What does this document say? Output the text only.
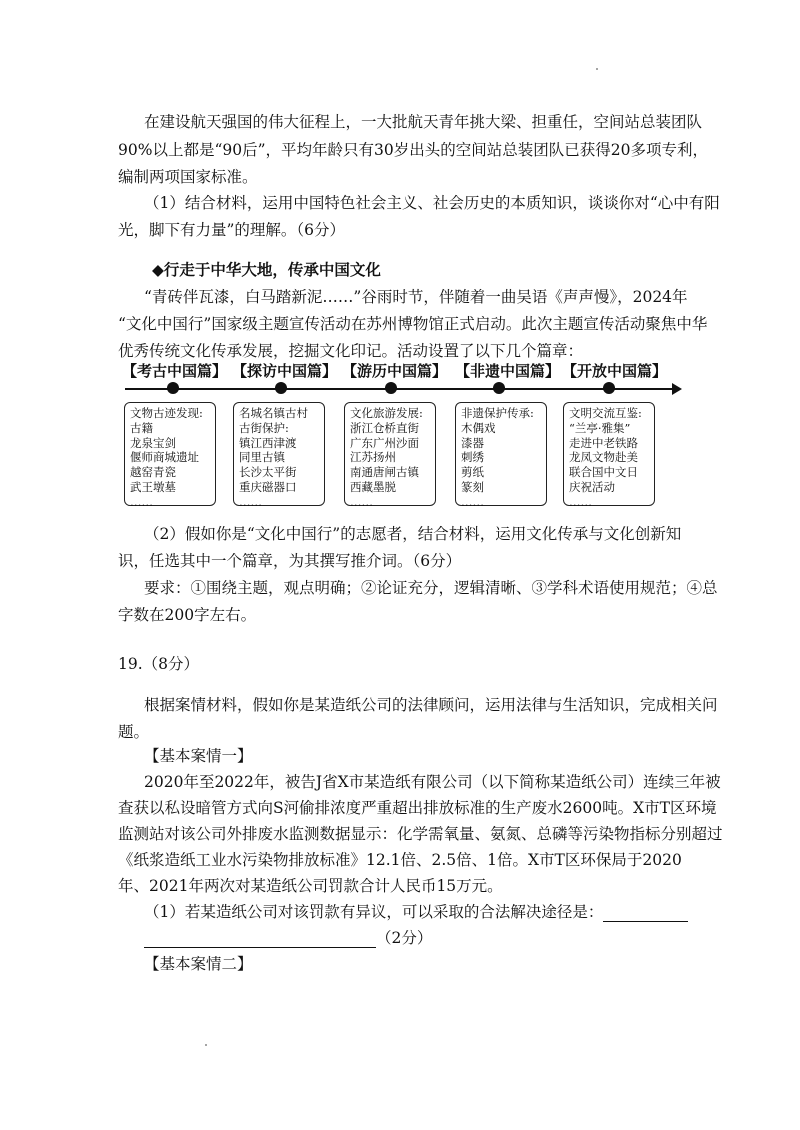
在建设航天强国的伟大征程上，一大批航天青年挑大梁、担重任，空间站总装团队
90%以上都是“90后”，平均年龄只有30岁出头的空间站总装团队已获得20多项专利，
编制两项国家标准。
（1）结合材料，运用中国特色社会主义、社会历史的本质知识，谈谈你对“心中有阳
光，脚下有力量”的理解。（6分）
◆行走于中华大地，传承中国文化
“青砖伴瓦漆，白马踏新泥……”谷雨时节，伴随着一曲吴语《声声慢》，2024年
“文化中国行”国家级主题宣传活动在苏州博物馆正式启动。此次主题宣传活动聚焦中华
优秀传统文化传承发展，挖掘文化印记。活动设置了以下几个篇章：
【考古中国篇】
文物古迹发现:
古籍
龙泉宝剑
偃师商城遗址
越窑青瓷
武王墩墓
……
【探访中国篇】
名城名镇古村
古街保护:
镇江西津渡
同里古镇
长沙太平街
重庆磁器口
……
【游历中国篇】
文化旅游发展:
浙江仓桥直街
广东广州沙面
江苏扬州
南通唐闸古镇
西藏墨脱
……
【非遗中国篇】
非遗保护传承:
木偶戏
漆器
刺绣
剪纸
篆刻
……
【开放中国篇】
文明交流互鉴:
“兰亭·雅集”
走进中老铁路
龙凤文物赴美
联合国中文日
庆祝活动
……
（2）假如你是“文化中国行”的志愿者，结合材料，运用文化传承与文化创新知
识，任选其中一个篇章，为其撰写推介词。（6分）
要求：①围绕主题，观点明确；②论证充分，逻辑清晰、③学科术语使用规范；④总
字数在200字左右。
19.（8分）
根据案情材料，假如你是某造纸公司的法律顾问，运用法律与生活知识，完成相关问
题。
【基本案情一】
2020年至2022年，被告J省X市某造纸有限公司（以下简称某造纸公司）连续三年被
查获以私设暗管方式向S河偷排浓度严重超出排放标准的生产废水2600吨。X市T区环境
监测站对该公司外排废水监测数据显示：化学需氧量、氨氮、总磷等污染物指标分别超过
《纸浆造纸工业水污染物排放标准》12.1倍、2.5倍、1倍。X市T区环保局于2020
年、2021年两次对某造纸公司罚款合计人民币15万元。
（1）若某造纸公司对该罚款有异议，可以采取的合法解决途径是：
（2分）
【基本案情二】
